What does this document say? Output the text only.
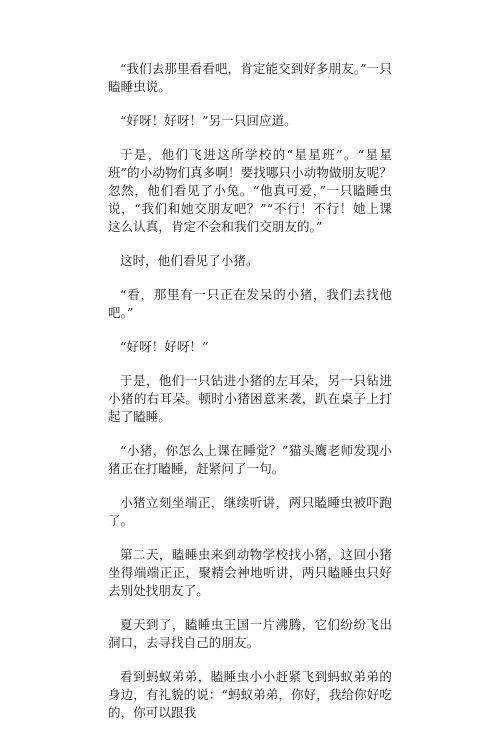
“我们去那里看看吧，肯定能交到好多朋友。”一只瞌睡虫说。

“好呀！好呀！”另一只回应道。

于是，他们飞进这所学校的“星星班”。“星星班”的小动物们真多啊！要找哪只小动物做朋友呢？忽然，他们看见了小兔。“他真可爱，”一只瞌睡虫说，“我们和她交朋友吧？”“不行！不行！她上课这么认真，肯定不会和我们交朋友的。”

这时，他们看见了小猪。

“看，那里有一只正在发呆的小猪，我们去找他吧。”

“好呀！好呀！”

于是，他们一只钻进小猪的左耳朵，另一只钻进小猪的右耳朵。顿时小猪困意来袭，趴在桌子上打起了瞌睡。

“小猪，你怎么上课在睡觉？”猫头鹰老师发现小猪正在打瞌睡，赶紧问了一句。

小猪立刻坐端正，继续听讲，两只瞌睡虫被吓跑了。

第二天，瞌睡虫来到动物学校找小猪，这回小猪坐得端端正正，聚精会神地听讲，两只瞌睡虫只好去别处找朋友了。

夏天到了，瞌睡虫王国一片沸腾，它们纷纷飞出洞口，去寻找自己的朋友。

看到蚂蚁弟弟，瞌睡虫小小赶紧飞到蚂蚁弟弟的身边，有礼貌的说：“蚂蚁弟弟，你好，我给你好吃的，你可以跟我
